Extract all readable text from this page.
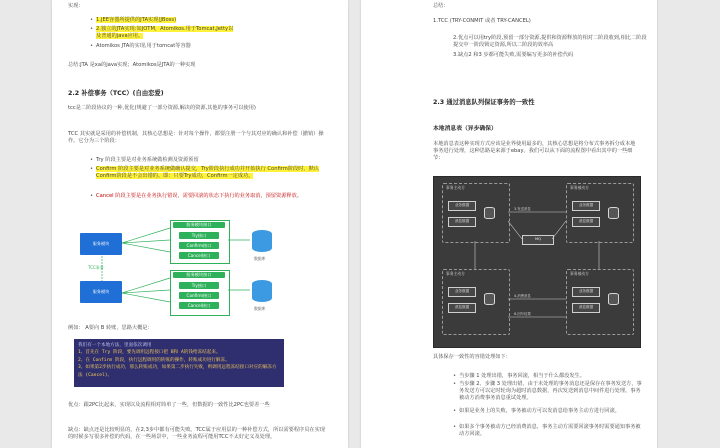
实现：
• 1.JEE容器所提供的JTA实现(JBoss)
• 2.独立的JTA实现:如JOTM，Atomikos.用于Tomcat,Jetty以及普通的java应用。
• Atomikos JTA的实现,用于tomcat等容器
总结:JTA 是xa的java实现；Atomikos是JTA的一种实现
2.2 补偿事务（TCC）(自由恋爱)
tcc是二阶段协议的一种,优化(规避了一部分资源,解决的资源,其他的事务可以使用)
TCC 其实就是采用的补偿机制，其核心思想是：针对每个操作，都要注册一个与其对应的确认和补偿（撤销）操作。它分为三个阶段：
• Try 阶段主要是对业务系统做检测及资源预留
• Confirm 阶段主要是对业务系统做确认提交，Try阶段执行成功并开始执行 Confirm阶段时，默认 Confirm阶段是不会出错的。即：只要Try成功，Confirm一定成功。
• Cancel 阶段主要是在业务执行错误，需要回滚的状态下执行的业务取消，预留资源释放。
服务模块
服务模块
TCC事务
服务模块接口
Try接口
Confirm接口
Cancel接口
服务模块接口
Try接口
Confirm接口
Cancel接口
数据库
数据库
例如： A要向 B 转账，思路大概是：
我们有一个本地方法，里面依次调用
1、首先在 Try 阶段，要先调用远程接口把 B和 A的钱给冻结起来。
2、在 Confirm 阶段，执行远程调用的转账的操作，转账成功进行解冻。
3、如果第2步执行成功，那么转账成功，如果第二步执行失败，则调用远程冻结接口对应的解冻方法 (Cancel)。
优点：跟2PC比起来，实现以及流程相对简单了一些，但数据的一致性比2PC也要差一些
缺点：缺点还是比较明显的，在2,3步中都有可能失败。TCC属于应用层的一种补偿方式，所以需要程序员在实现的时候多写很多补偿的代码，在一些场景中，一些业务流程可能用TCC不太好定义及处理。
总结：
1.TCC (TRY-CONMIT 或者 TRY-CANCEL)
2.优点可以用try阶段,预留一部分资源,提供和资源释放的相对二阶段收到,相比二阶段提交中一阶段锁定资源,所以二阶段的效率高
3.缺点2 和3 步都可能失败,需要编写更多的补偿代码
2.3 通过消息队列保证事务的一致性
本地消息表（异步确保）
本地消息表这种实现方式应该是业界使用最多的，其核心思想是将分布式事务拆分成本地事务进行处理，这种思路是来源于ebay。我们可以从下面的流程图中看出其中的一些细节：
事务主动方
业务数据
消息数据
事务被动方
业务数据
消息数据
MQ
事务主动方
业务数据
消息数据
事务被动方
业务数据
消息数据
3.发送消息
4.消费消息
6.回写结果
具体保存一致性的容错处理如下：
• 当步骤 1 处理出错，事务回滚，相当于什么都没发生。
• 当步骤 2、步骤 3 处理出错，由于未处理的事务消息还是保存在事务发送方，事务发送方可以定时轮询为超时消息数据，再次发送到消息中间件进行处理。事务被动方消费事务消息重试处理。
• 如果是业务上的失败，事务被动方可以发消息给事务主动方进行回滚。
• 如果多个事务被动方已经消费消息，事务主动方需要回滚事务时需要通知事务被动方回滚。
